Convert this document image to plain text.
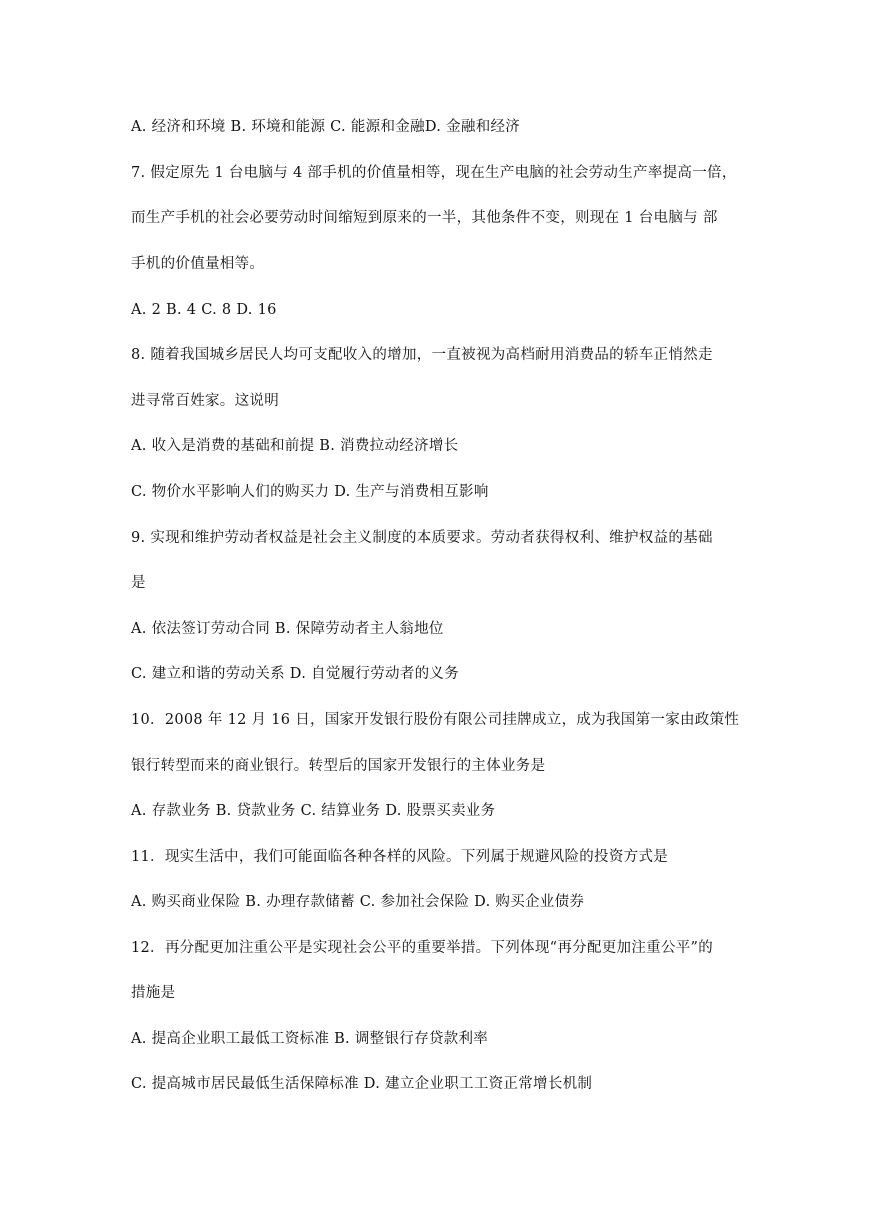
A. 经济和环境 B. 环境和能源 C. 能源和金融D. 金融和经济
7. 假定原先 1 台电脑与 4 部手机的价值量相等，现在生产电脑的社会劳动生产率提高一倍，
而生产手机的社会必要劳动时间缩短到原来的一半，其他条件不变，则现在 1 台电脑与 部
手机的价值量相等。
A. 2 B. 4 C. 8 D. 16
8. 随着我国城乡居民人均可支配收入的增加，一直被视为高档耐用消费品的轿车正悄然走
进寻常百姓家。这说明
A. 收入是消费的基础和前提 B. 消费拉动经济增长
C. 物价水平影响人们的购买力 D. 生产与消费相互影响
9. 实现和维护劳动者权益是社会主义制度的本质要求。劳动者获得权利、维护权益的基础
是
A. 依法签订劳动合同 B. 保障劳动者主人翁地位
C. 建立和谐的劳动关系 D. 自觉履行劳动者的义务
10．2008 年 12 月 16 日，国家开发银行股份有限公司挂牌成立，成为我国第一家由政策性
银行转型而来的商业银行。转型后的国家开发银行的主体业务是
A. 存款业务 B. 贷款业务 C. 结算业务 D. 股票买卖业务
11．现实生活中，我们可能面临各种各样的风险。下列属于规避风险的投资方式是
A. 购买商业保险 B. 办理存款储蓄 C. 参加社会保险 D. 购买企业债券
12．再分配更加注重公平是实现社会公平的重要举措。下列体现“再分配更加注重公平”的
措施是
A. 提高企业职工最低工资标准 B. 调整银行存贷款利率
C. 提高城市居民最低生活保障标准 D. 建立企业职工工资正常增长机制
